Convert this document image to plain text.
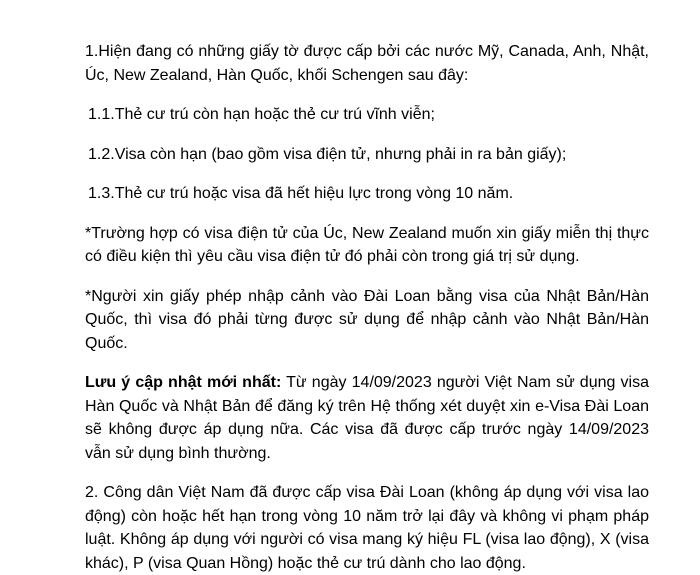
1.Hiện đang có những giấy tờ được cấp bởi các nước Mỹ, Canada, Anh, Nhật, Úc, New Zealand, Hàn Quốc, khối Schengen sau đây:

1.1.Thẻ cư trú còn hạn hoặc thẻ cư trú vĩnh viễn;

1.2.Visa còn hạn (bao gồm visa điện tử, nhưng phải in ra bản giấy);

1.3.Thẻ cư trú hoặc visa đã hết hiệu lực trong vòng 10 năm.

*Trường hợp có visa điện tử của Úc, New Zealand muốn xin giấy miễn thị thực có điều kiện thì yêu cầu visa điện tử đó phải còn trong giá trị sử dụng.

*Người xin giấy phép nhập cảnh vào Đài Loan bằng visa của Nhật Bản/Hàn Quốc, thì visa đó phải từng được sử dụng để nhập cảnh vào Nhật Bản/Hàn Quốc.

Lưu ý cập nhật mới nhất: Từ ngày 14/09/2023 người Việt Nam sử dụng visa Hàn Quốc và Nhật Bản để đăng ký trên Hệ thống xét duyệt xin e-Visa Đài Loan sẽ không được áp dụng nữa. Các visa đã được cấp trước ngày 14/09/2023 vẫn sử dụng bình thường.

2. Công dân Việt Nam đã được cấp visa Đài Loan (không áp dụng với visa lao động) còn hoặc hết hạn trong vòng 10 năm trở lại đây và không vi phạm pháp luật. Không áp dụng với người có visa mang ký hiệu FL (visa lao động), X (visa khác), P (visa Quan Hồng) hoặc thẻ cư trú dành cho lao động.
